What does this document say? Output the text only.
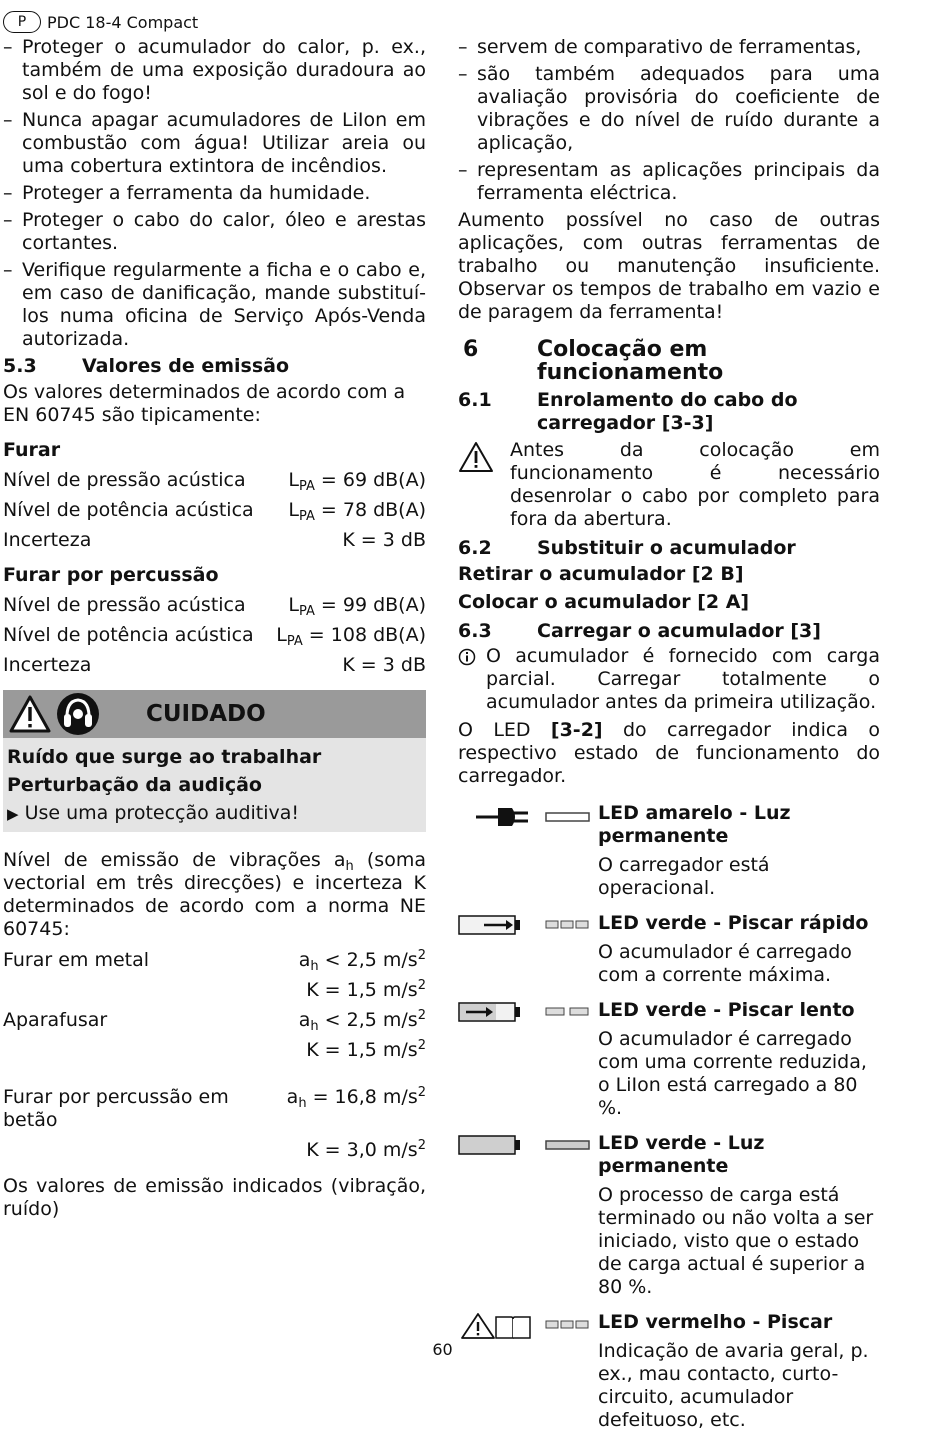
P	PDC 18-4 Compact
– Proteger o acumulador do calor, p. ex., também de uma exposição duradoura ao sol e do fogo!
– Nunca apagar acumuladores de LiIon em combustão com água! Utilizar areia ou uma cobertura extintora de incêndios.
– Proteger a ferramenta da humidade.
– Proteger o cabo do calor, óleo e arestas cortantes.
– Verifique regularmente a ficha e o cabo e, em caso de danificação, mande substituí-los numa oficina de Serviço Após-Venda autorizada.
5.3	Valores de emissão
Os valores determinados de acordo com a EN 60745 são tipicamente:
Furar
Nível de pressão acústica $L_{PA} = 69$ dB(A)
Nível de potência acústica $L_{PA} = 78$ dB(A)
Incerteza	K = 3 dB
Furar por percussão
Nível de pressão acústica $L_{PA} = 99$ dB(A)
Nível de potência acústica $L_{PA} = 108$ dB(A)
Incerteza	K = 3 dB
CUIDADO
Ruído que surge ao trabalhar
Perturbação da audição
▶ Use uma protecção auditiva!
Nível de emissão de vibrações $a_h$ (soma vectorial em três direcções) e incerteza K determinados de acordo com a norma NE 60745:
Furar em metal	$a_h < 2,5$ $m/s^2$
K = 1,5 $m/s^2$
Aparafusar	$a_h < 2,5$ $m/s^2$
K = 1,5 $m/s^2$
Furar por percussão em betão
$a_h = 16,8$ $m/s^2$
K = 3,0 $m/s^2$
Os valores de emissão indicados (vibração, ruído)
– servem de comparativo de ferramentas,
– são também adequados para uma avaliação provisória do coeficiente de vibrações e do nível de ruído durante a aplicação,
– representam as aplicações principais da ferramenta eléctrica.
Aumento possível no caso de outras aplicações, com outras ferramentas de trabalho ou manutenção insuficiente. Observar os tempos de trabalho em vazio e de paragem da ferramenta!
6	Colocação em funcionamento
6.1	Enrolamento do cabo do carregador [3-3]
Antes da colocação em funcionamento é necessário desenrolar o cabo por completo para fora da abertura.
6.2	Substituir o acumulador
Retirar o acumulador [2 B]
Colocar o acumulador [2 A]
6.3	Carregar o acumulador [3]
O acumulador é fornecido com carga parcial. Carregar totalmente o acumulador antes da primeira utilização.
O LED [3-2] do carregador indica o respectivo estado de funcionamento do carregador.
LED amarelo - Luz permanente
O carregador está operacional.
LED verde - Piscar rápido
O acumulador é carregado com a corrente máxima.
LED verde - Piscar lento
O acumulador é carregado com uma corrente reduzida, o LiIon está carregado a 80 %.
LED verde - Luz permanente
O processo de carga está terminado ou não volta a ser iniciado, visto que o estado de carga actual é superior a 80 %.
LED vermelho - Piscar
Indicação de avaria geral, p. ex., mau contacto, curto-circuito, acumulador defeituoso, etc.
60
